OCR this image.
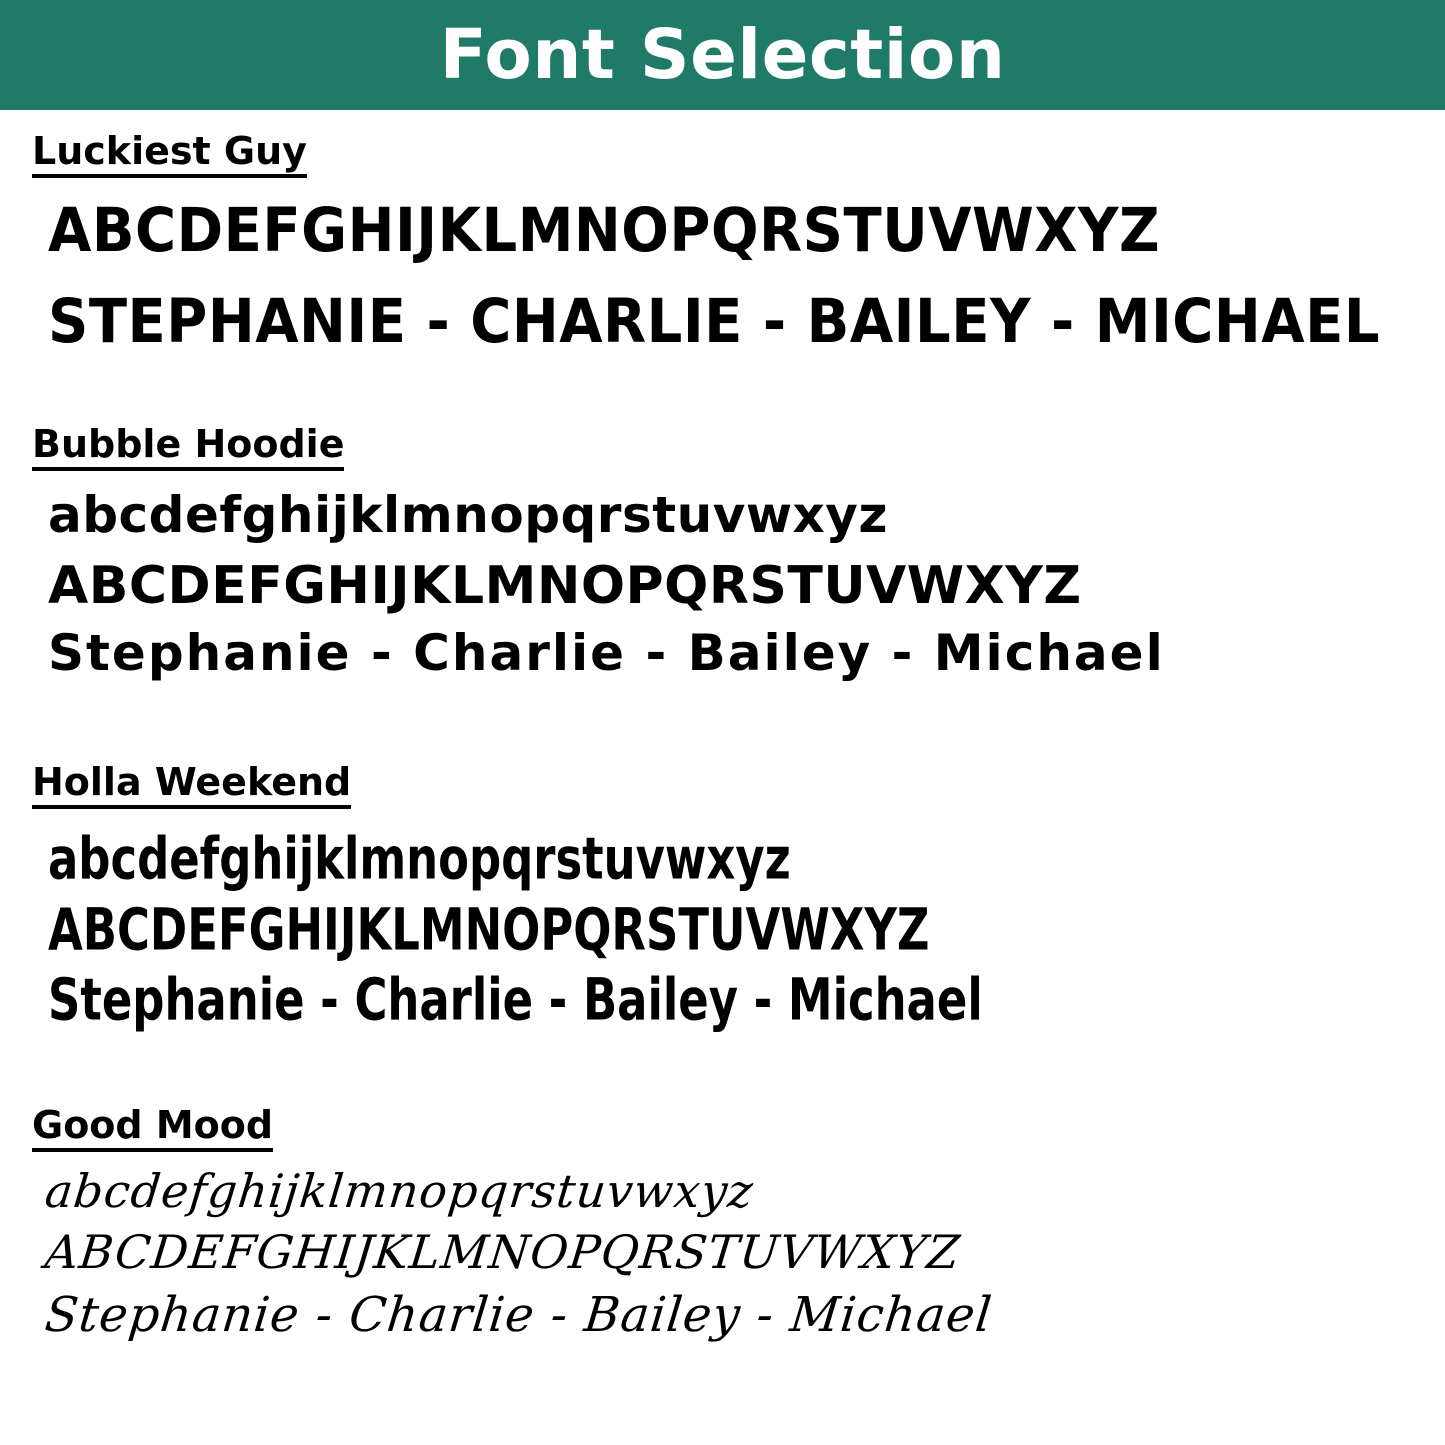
Font Selection
Luckiest Guy
ABCDEFGHIJKLMNOPQRSTUVWXYZ
STEPHANIE - CHARLIE - BAILEY - MICHAEL
Bubble Hoodie
abcdefghijklmnopqrstuvwxyz
ABCDEFGHIJKLMNOPQRSTUVWXYZ
Stephanie - Charlie - Bailey - Michael
Holla Weekend
abcdefghijklmnopqrstuvwxyz
ABCDEFGHIJKLMNOPQRSTUVWXYZ
Stephanie - Charlie - Bailey - Michael
Good Mood
abcdefghijklmnopqrstuvwxyz
ABCDEFGHIJKLMNOPQRSTUVWXYZ
Stephanie - Charlie - Bailey - Michael
